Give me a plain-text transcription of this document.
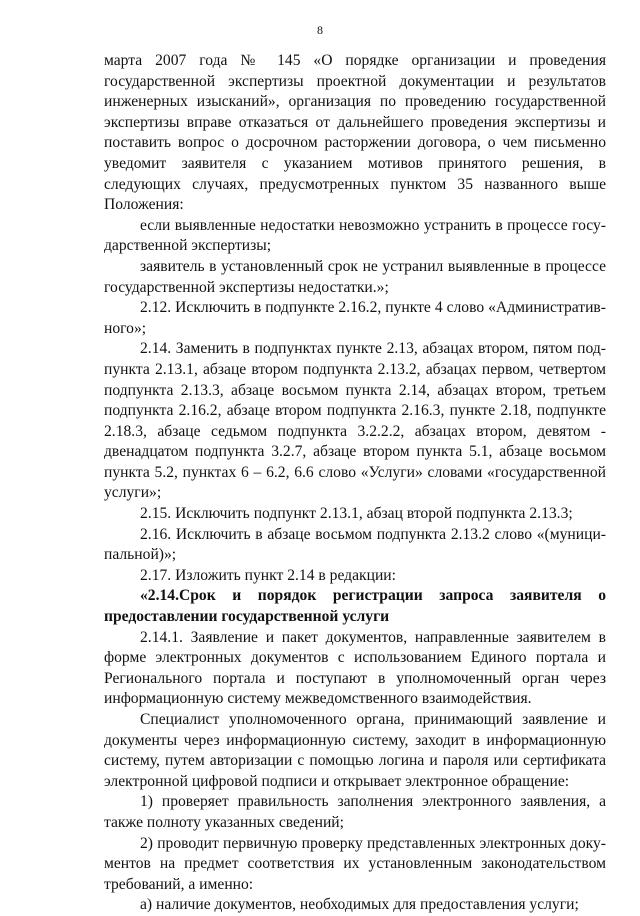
8

марта 2007 года № 145 «О порядке организации и проведения государственной экспертизы проектной документации и результатов инженерных изысканий», организация по проведению государственной экспертизы вправе отказаться от дальнейшего проведения экспертизы и поставить вопрос о досрочном расторжении договора, о чем письменно уведомит заявителя с указанием мотивов принятого решения, в следующих случаях, предусмотренных пунктом 35 названного выше Положения:

если выявленные недостатки невозможно устранить в процессе государственной экспертизы;

заявитель в установленный срок не устранил выявленные в процессе государственной экспертизы недостатки.»;

2.12. Исключить в подпункте 2.16.2, пункте 4 слово «Административного»;

2.14. Заменить в подпунктах пункте 2.13, абзацах втором, пятом подпункта 2.13.1, абзаце втором подпункта 2.13.2, абзацах первом, четвертом подпункта 2.13.3, абзаце восьмом пункта 2.14, абзацах втором, третьем подпункта 2.16.2, абзаце втором подпункта 2.16.3, пункте 2.18, подпункте 2.18.3, абзаце седьмом подпункта 3.2.2.2, абзацах втором, девятом - двенадцатом подпункта 3.2.7, абзаце втором пункта 5.1, абзаце восьмом пункта 5.2, пунктах 6 – 6.2, 6.6 слово «Услуги» словами «государственной услуги»;

2.15. Исключить подпункт 2.13.1, абзац второй подпункта 2.13.3;

2.16. Исключить в абзаце восьмом подпункта 2.13.2 слово «(муниципальной)»;

2.17. Изложить пункт 2.14 в редакции:

«2.14.Срок и порядок регистрации запроса заявителя о предоставлении государственной услуги

2.14.1. Заявление и пакет документов, направленные заявителем в форме электронных документов с использованием Единого портала и Регионального портала и поступают в уполномоченный орган через информационную систему межведомственного взаимодействия.

Специалист уполномоченного органа, принимающий заявление и документы через информационную систему, заходит в информационную систему, путем авторизации с помощью логина и пароля или сертификата электронной цифровой подписи и открывает электронное обращение:

1) проверяет правильность заполнения электронного заявления, а также полноту указанных сведений;

2) проводит первичную проверку представленных электронных документов на предмет соответствия их установленным законодательством требований, а именно:

а) наличие документов, необходимых для предоставления услуги;
